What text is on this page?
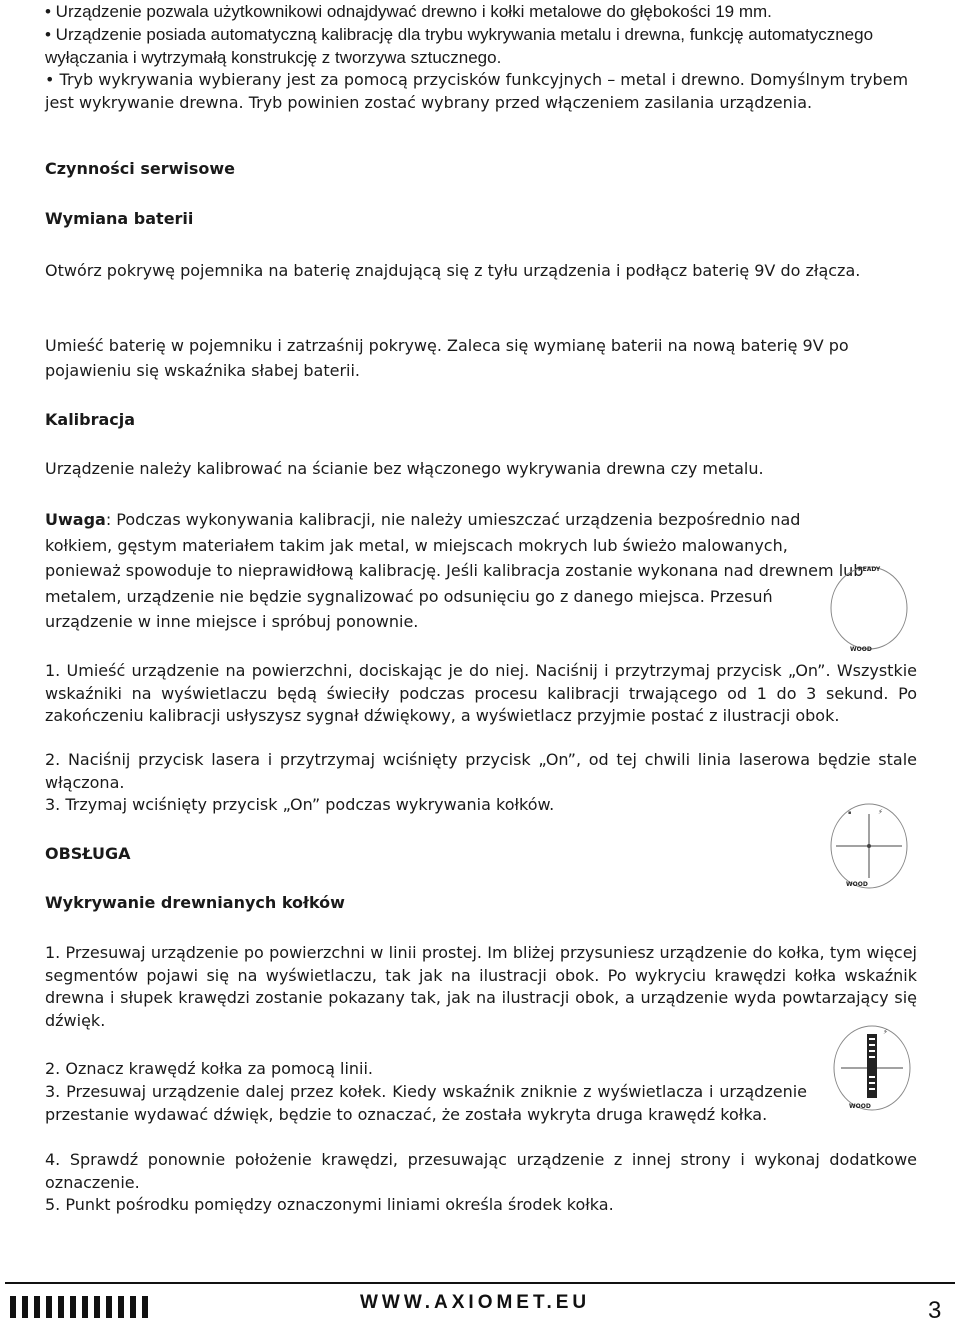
• Urządzenie pozwala użytkownikowi odnajdywać drewno i kołki metalowe do głębokości 19 mm.

• Urządzenie posiada automatyczną kalibrację dla trybu wykrywania metalu i drewna, funkcję automatycznego wyłączania i wytrzymałą konstrukcję z tworzywa sztucznego.

• Tryb wykrywania wybierany jest za pomocą przycisków funkcyjnych – metal i drewno. Domyślnym trybem jest wykrywanie drewna. Tryb powinien zostać wybrany przed włączeniem zasilania urządzenia.

Czynności serwisowe

Wymiana baterii

Otwórz pokrywę pojemnika na baterię znajdującą się z tyłu urządzenia i podłącz baterię 9V do złącza.

Umieść baterię w pojemniku i zatrzaśnij pokrywę. Zaleca się wymianę baterii na nową baterię 9V po pojawieniu się wskaźnika słabej baterii.

Kalibracja

Urządzenie należy kalibrować na ścianie bez włączonego wykrywania drewna czy metalu.

Uwaga: Podczas wykonywania kalibracji, nie należy umieszczać urządzenia bezpośrednio nad kołkiem, gęstym materiałem takim jak metal, w miejscach mokrych lub świeżo malowanych, ponieważ spowoduje to nieprawidłową kalibrację. Jeśli kalibracja zostanie wykonana nad drewnem lub metalem, urządzenie nie będzie sygnalizować po odsunięciu go z danego miejsca. Przesuń urządzenie w inne miejsce i spróbuj ponownie.

1. Umieść urządzenie na powierzchni, dociskając je do niej. Naciśnij i przytrzymaj przycisk „On”. Wszystkie wskaźniki na wyświetlaczu będą świeciły podczas procesu kalibracji trwającego od 1 do 3 sekund. Po zakończeniu kalibracji usłyszysz sygnał dźwiękowy, a wyświetlacz przyjmie postać z ilustracji obok.

2. Naciśnij przycisk lasera i przytrzymaj wciśnięty przycisk „On”, od tej chwili linia laserowa będzie stale włączona.

3. Trzymaj wciśnięty przycisk „On” podczas wykrywania kołków.

OBSŁUGA

Wykrywanie drewnianych kołków

1. Przesuwaj urządzenie po powierzchni w linii prostej. Im bliżej przysuniesz urządzenie do kołka, tym więcej segmentów pojawi się na wyświetlaczu, tak jak na ilustracji obok. Po wykryciu krawędzi kołka wskaźnik drewna i słupek krawędzi zostanie pokazany tak, jak na ilustracji obok, a urządzenie wyda powtarzający się dźwięk.

2. Oznacz krawędź kołka za pomocą linii.

3. Przesuwaj urządzenie dalej przez kołek. Kiedy wskaźnik zniknie z wyświetlacza i urządzenie przestanie wydawać dźwięk, będzie to oznaczać, że została wykryta druga krawędź kołka.

4. Sprawdź ponownie położenie krawędzi, przesuwając urządzenie z innej strony i wykonaj dodatkowe oznaczenie.

5. Punkt pośrodku pomiędzy oznaczonymi liniami określa środek kołka.

READY
WOOD
⚡
▪
WOOD
⚡
WOOD
WWW.AXIOMET.EU	3
